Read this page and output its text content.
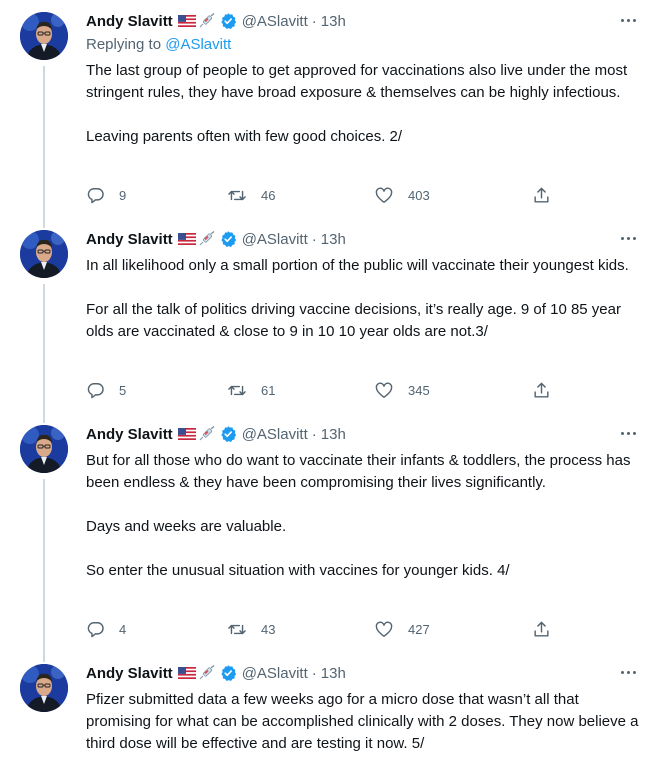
Andy Slavitt	@ASlavitt · 13h
Replying to @ASlavitt

The last group of people to get approved for vaccinations also live under the most stringent rules, they have broad exposure & themselves can be highly infectious.

Leaving parents often with few good choices. 2/

9	46	403
Andy Slavitt	@ASlavitt · 13h

In all likelihood only a small portion of the public will vaccinate their youngest kids.

For all the talk of politics driving vaccine decisions, it’s really age. 9 of 10 85 year olds are vaccinated & close to 9 in 10 10 year olds are not.3/

5	61	345
Andy Slavitt	@ASlavitt · 13h

But for all those who do want to vaccinate their infants & toddlers, the process has been endless & they have been compromising their lives significantly.

Days and weeks are valuable.

So enter the unusual situation with vaccines for younger kids. 4/

4	43	427
Andy Slavitt	@ASlavitt · 13h

Pfizer submitted data a few weeks ago for a micro dose that wasn’t all that promising for what can be accomplished clinically with 2 doses. They now believe a third dose will be effective and are testing it now. 5/
